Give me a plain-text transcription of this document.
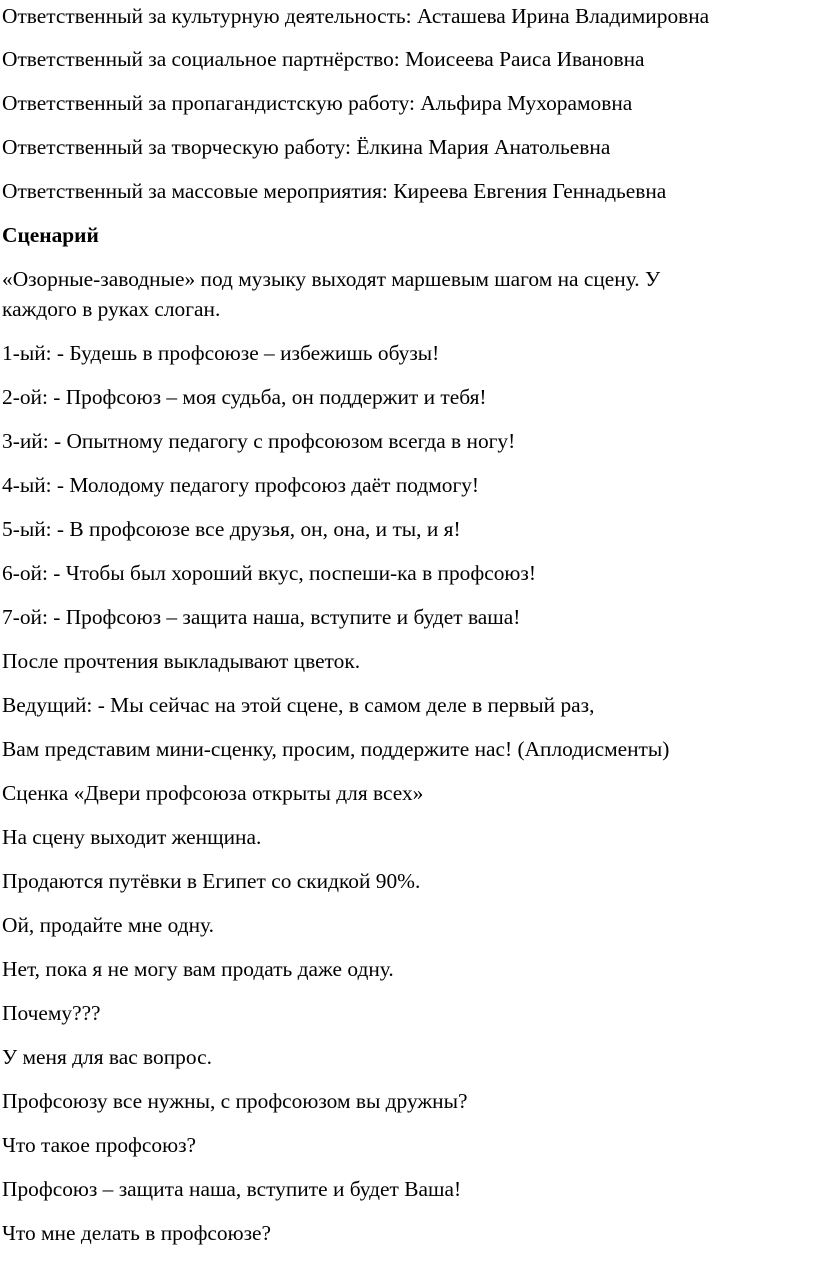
Ответственный за культурную деятельность: Асташева Ирина Владимировна
Ответственный за социальное партнёрство: Моисеева Раиса Ивановна
Ответственный за пропагандистскую работу: Альфира Мухорамовна
Ответственный за творческую работу: Ёлкина Мария Анатольевна
Ответственный за массовые мероприятия: Киреева Евгения Геннадьевна
Сценарий
«Озорные-заводные» под музыку выходят маршевым шагом на сцену. У
каждого в руках слоган.
1-ый: - Будешь в профсоюзе – избежишь обузы!
2-ой: - Профсоюз – моя судьба, он поддержит и тебя!
3-ий: - Опытному педагогу с профсоюзом всегда в ногу!
4-ый: - Молодому педагогу профсоюз даёт подмогу!
5-ый: - В профсоюзе все друзья, он, она, и ты, и я!
6-ой: - Чтобы был хороший вкус, поспеши-ка в профсоюз!
7-ой: - Профсоюз – защита наша, вступите и будет ваша!
После прочтения выкладывают цветок.
Ведущий: - Мы сейчас на этой сцене, в самом деле в первый раз,
Вам представим мини-сценку, просим, поддержите нас! (Аплодисменты)
Сценка «Двери профсоюза открыты для всех»
На сцену выходит женщина.
Продаются путёвки в Египет со скидкой 90%.
Ой, продайте мне одну.
Нет, пока я не могу вам продать даже одну.
Почему???
У меня для вас вопрос.
Профсоюзу все нужны, с профсоюзом вы дружны?
Что такое профсоюз?
Профсоюз – защита наша, вступите и будет Ваша!
Что мне делать в профсоюзе?
